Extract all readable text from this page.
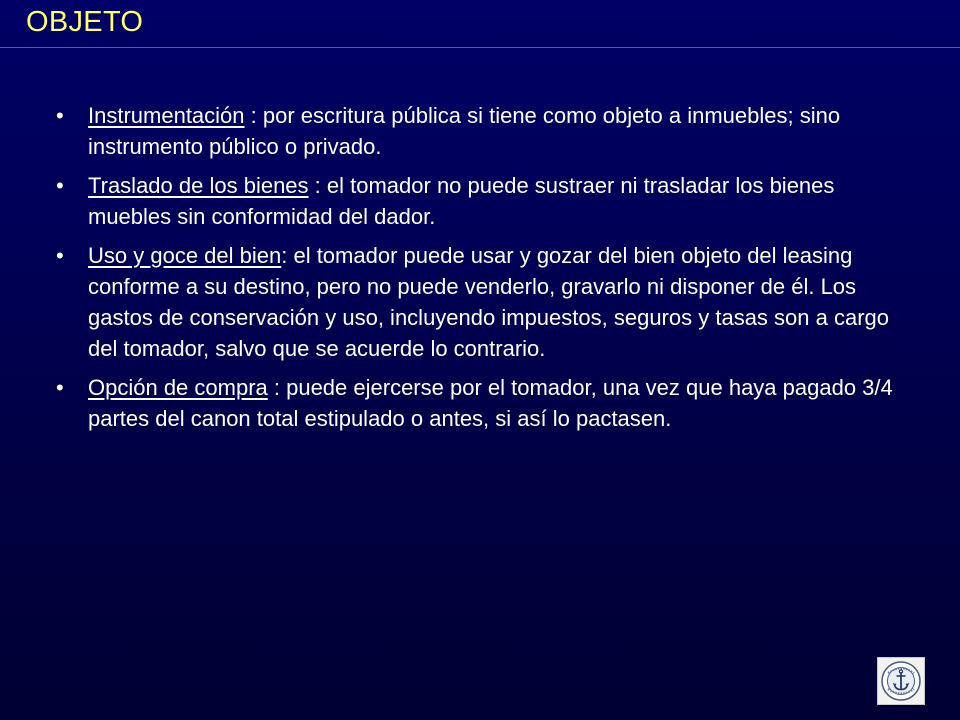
OBJETO
• Instrumentación : por escritura pública si tiene como objeto a inmuebles; sino instrumento público o privado.
• Traslado de los bienes : el tomador no puede sustraer ni trasladar los bienes muebles sin conformidad del dador.
• Uso y goce del bien: el tomador puede usar y gozar del bien objeto del leasing conforme a su destino, pero no puede venderlo, gravarlo ni disponer de él. Los gastos de conservación y uso, incluyendo impuestos, seguros y tasas son a cargo del tomador, salvo que se acuerde lo contrario.
• Opción de compra : puede ejercerse por el tomador, una vez que haya pagado 3/4 partes del canon total estipulado o antes, si así lo pactasen.
